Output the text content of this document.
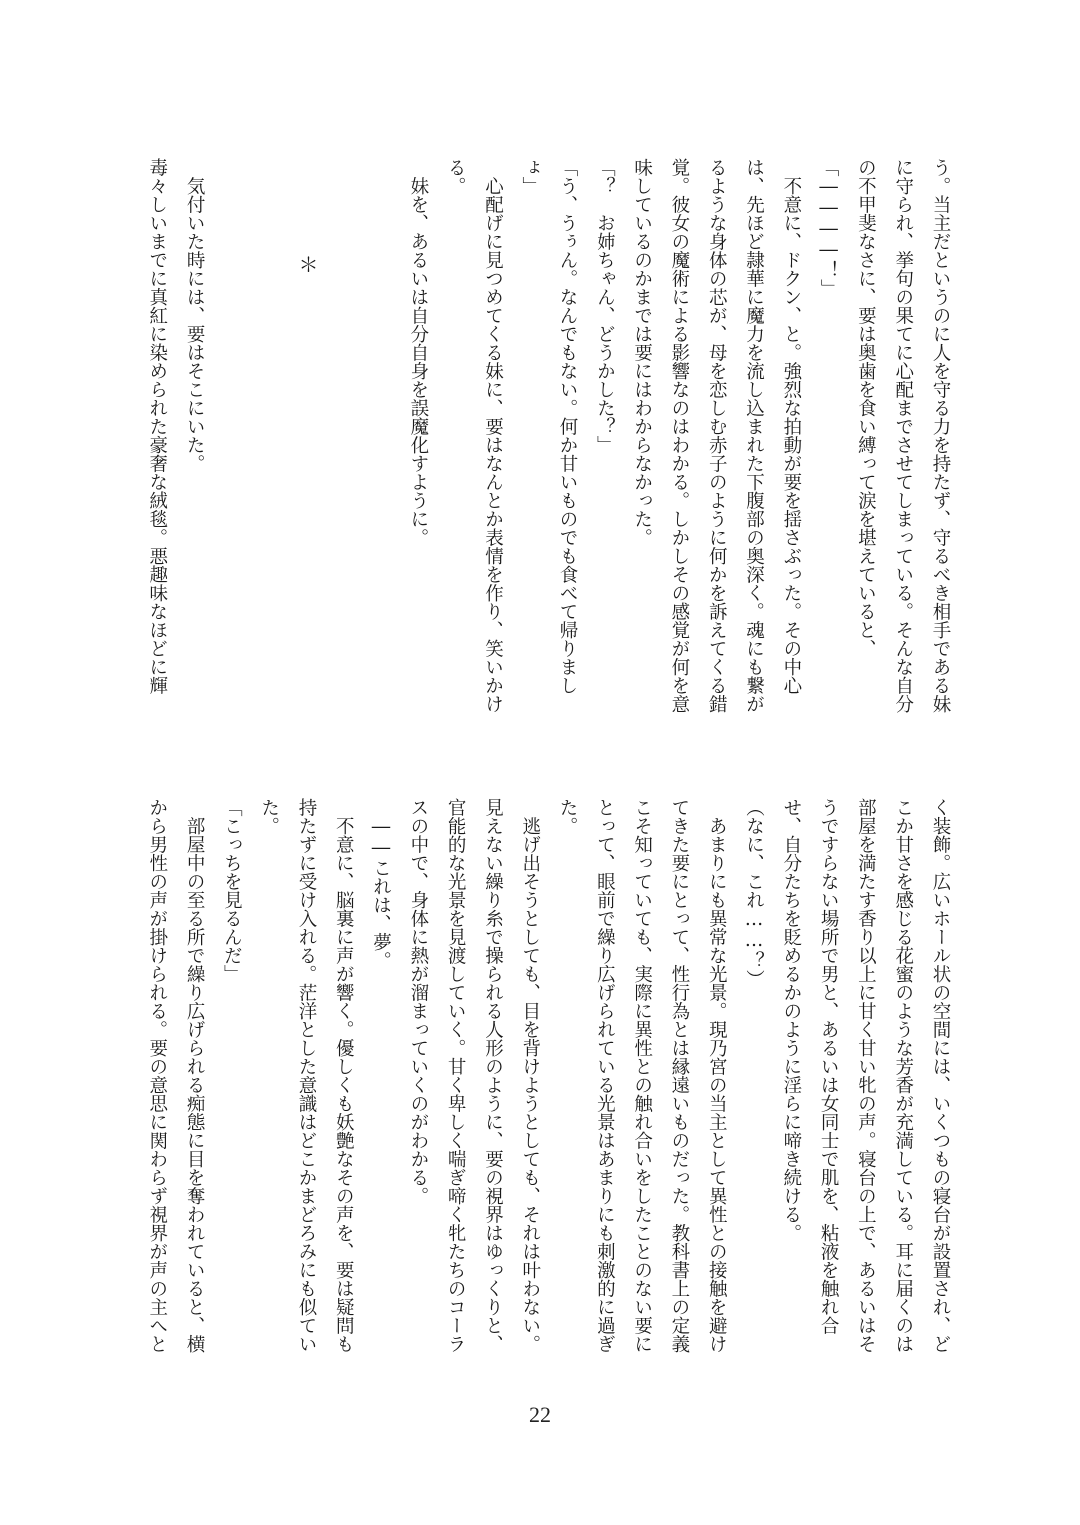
う。当主だというのに人を守る力を持たず、守るべき相手である妹
に守られ、挙句の果てに心配までさせてしまっている。そんな自分
の不甲斐なさに、要は奥歯を食い縛って涙を堪えていると、
「――――！」
　不意に、ドクン、と。強烈な拍動が要を揺さぶった。その中心
は、先ほど隷華に魔力を流し込まれた下腹部の奥深く。魂にも繋が
るような身体の芯が、母を恋しむ赤子のように何かを訴えてくる錯
覚。彼女の魔術による影響なのはわかる。しかしその感覚が何を意
味しているのかまでは要にはわからなかった。
「？　お姉ちゃん、どうかした？」
「う、うぅん。なんでもない。何か甘いものでも食べて帰りまし
ょ」
　心配げに見つめてくる妹に、要はなんとか表情を作り、笑いかけ
る。
　妹を、あるいは自分自身を誤魔化すように。
＊
　気付いた時には、要はそこにいた。
毒々しいまでに真紅に染められた豪奢な絨毯。悪趣味なほどに輝
く装飾。広いホール状の空間には、いくつもの寝台が設置され、ど
こか甘さを感じる花蜜のような芳香が充満している。耳に届くのは
部屋を満たす香り以上に甘く甘い牝の声。寝台の上で、あるいはそ
うですらない場所で男と、あるいは女同士で肌を、粘液を触れ合
せ、自分たちを貶めるかのように淫らに啼き続ける。
（なに、これ……？）
　あまりにも異常な光景。現乃宮の当主として異性との接触を避け
てきた要にとって、性行為とは縁遠いものだった。教科書上の定義
こそ知っていても、実際に異性との触れ合いをしたことのない要に
とって、眼前で繰り広げられている光景はあまりにも刺激的に過ぎ
た。
　逃げ出そうとしても、目を背けようとしても、それは叶わない。
見えない繰り糸で操られる人形のように、要の視界はゆっくりと、
官能的な光景を見渡していく。甘く卑しく喘ぎ啼く牝たちのコーラ
スの中で、身体に熱が溜まっていくのがわかる。
　――これは、夢。
　不意に、脳裏に声が響く。優しくも妖艶なその声を、要は疑問も
持たずに受け入れる。茫洋とした意識はどこかまどろみにも似てい
た。
「こっちを見るんだ」
　部屋中の至る所で繰り広げられる痴態に目を奪われていると、横
から男性の声が掛けられる。要の意思に関わらず視界が声の主へと
22
